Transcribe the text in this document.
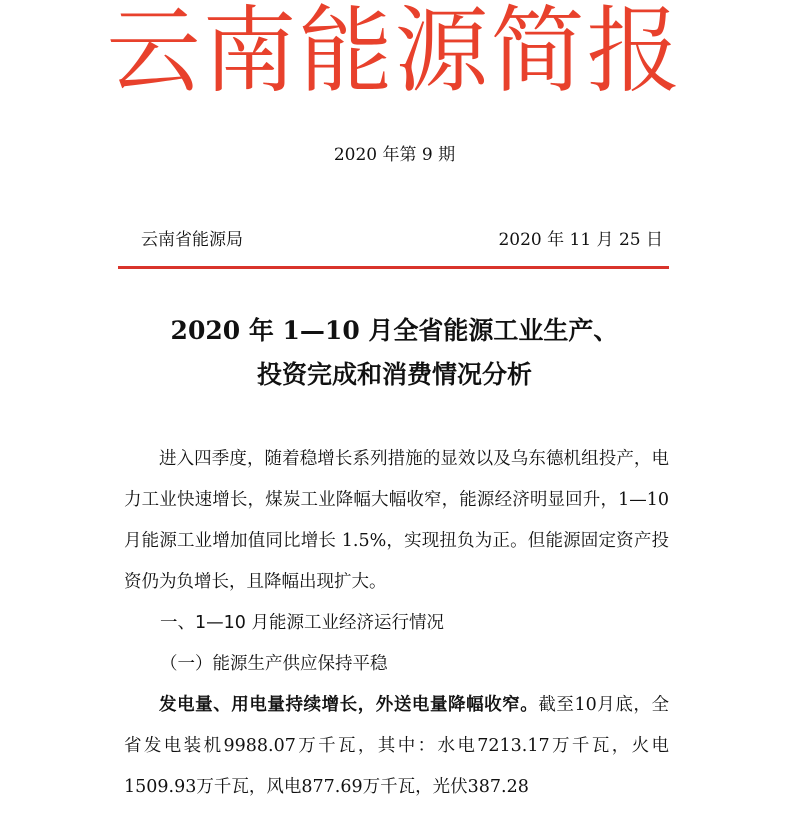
云南能源简报
2020 年第 9 期
云南省能源局	2020 年 11 月 25 日
2020 年 1—10 月全省能源工业生产、
投资完成和消费情况分析

进入四季度，随着稳增长系列措施的显效以及乌东德机组投产，电力工业快速增长，煤炭工业降幅大幅收窄，能源经济明显回升，1—10 月能源工业增加值同比增长 1.5%，实现扭负为正。但能源固定资产投资仍为负增长，且降幅出现扩大。

一、1—10 月能源工业经济运行情况

（一）能源生产供应保持平稳

发电量、用电量持续增长，外送电量降幅收窄。截至10月底，全省发电装机9988.07万千瓦，其中：水电7213.17万千瓦，火电1509.93万千瓦，风电877.69万千瓦，光伏387.28
